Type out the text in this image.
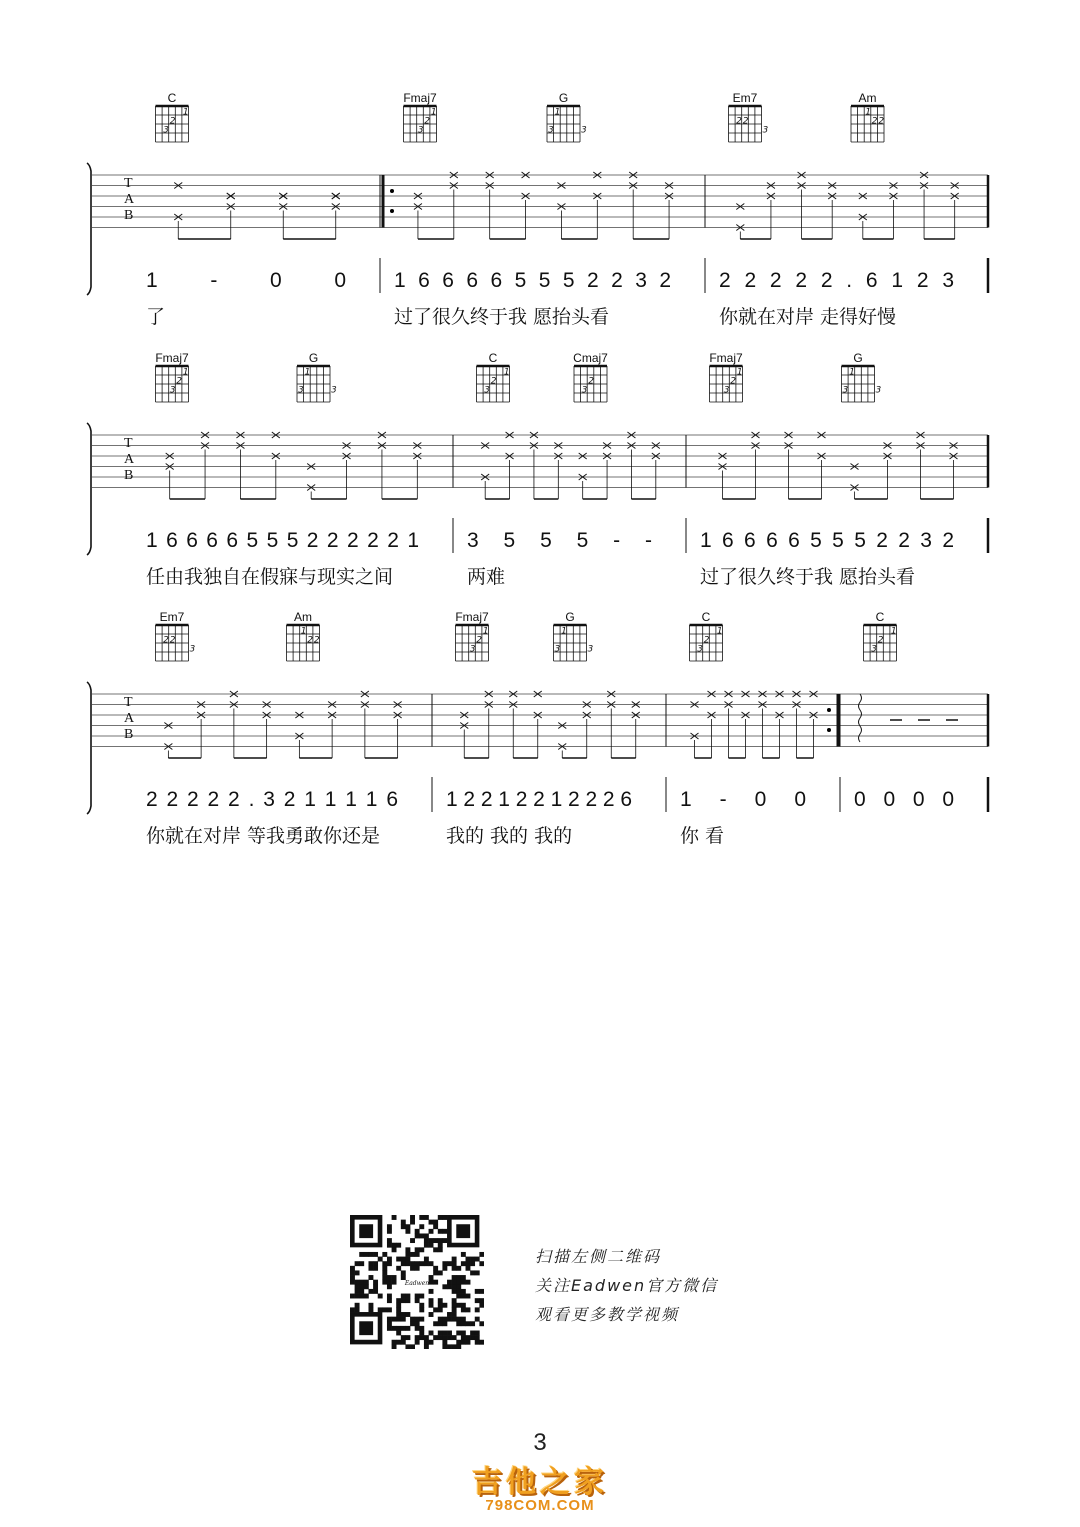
T
A
B
C
1
2
3
1 - 0 0
了
Fmaj7
1
2
3
G
1
3	3
1 6 6 6 6 5 5 5 2 2 3 2
过了很久终于我 愿抬头看
Em7
2 2
3
Am
1
2 2
2 2 2 2 2 . 6 1 2 3
你就在对岸 走得好慢
T
A
B
Fmaj7
1
2
3
G
1
3	3
1 6 6 6 6 5 5 5 2 2 2 2 2 1
任由我独自在假寐与现实之间
C
1
2
3
Cmaj7
2
3
3 5 5 5 - -
两难
Fmaj7
1
2
3
G
1
3	3
1 6 6 6 6 5 5 5 2 2 3 2
过了很久终于我 愿抬头看
T
A
B
Em7
2 2
3
Am
1
2 2
2 2 2 2 2 . 3 2 1 1 1 1 6
你就在对岸 等我勇敢你还是
Fmaj7
1
2
3
G
1
3	3
1 2 2 1 2 2 1 2 2 2 6
我的 我的 我的
C
1
2
3
1 - 0 0
你 看
C
1
2
3
0 0 0 0
Eadwen
扫描左侧二维码
关注Eadwen官方微信
观看更多教学视频
3
吉他之家
798COM.COM
